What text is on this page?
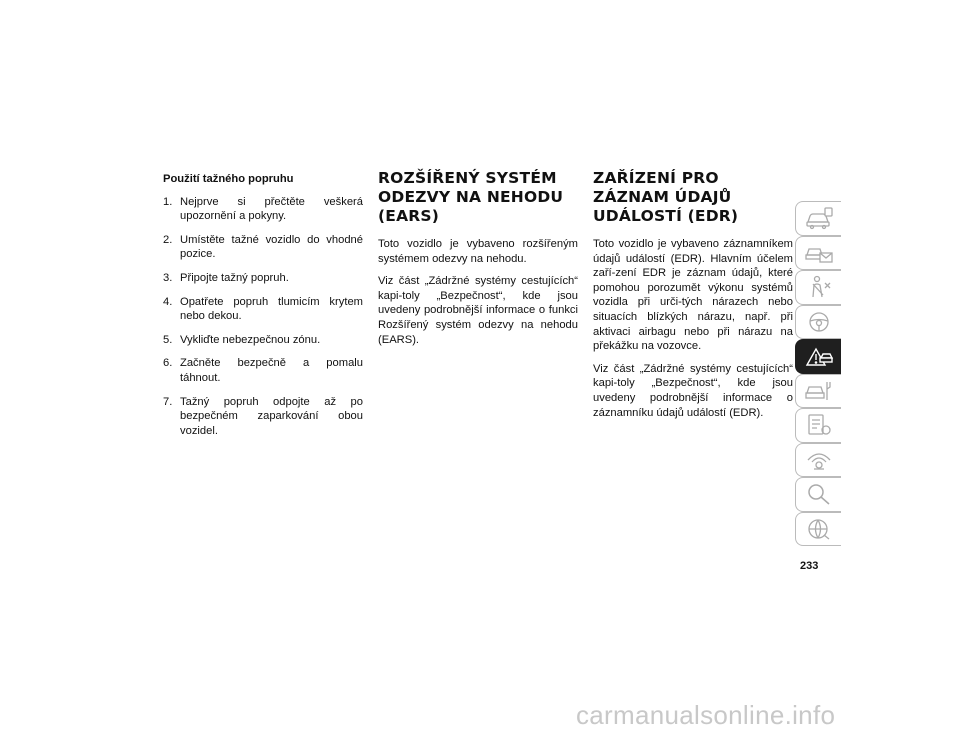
Použití tažného popruhu
1. Nejprve si přečtěte veškerá upozornění a pokyny.
2. Umístěte tažné vozidlo do vhodné pozice.
3. Připojte tažný popruh.
4. Opatřete popruh tlumicím krytem nebo dekou.
5. Vykliďte nebezpečnou zónu.
6. Začněte bezpečně a pomalu táhnout.
7. Tažný popruh odpojte až po bezpečném zaparkování obou vozidel.
ROZŠÍŘENÝ SYSTÉM ODEZVY NA NEHODU (EARS)

Toto vozidlo je vybaveno rozšířeným systémem odezvy na nehodu.

Viz část „Zádržné systémy cestujících“ kapi-toly „Bezpečnost“, kde jsou uvedeny podrobnější informace o funkci Rozšířený systém odezvy na nehodu (EARS).

ZAŘÍZENÍ PRO ZÁZNAM ÚDAJŮ UDÁLOSTÍ (EDR)

Toto vozidlo je vybaveno záznamníkem údajů událostí (EDR). Hlavním účelem zaří-zení EDR je záznam údajů, které pomohou porozumět výkonu systémů vozidla při urči-tých nárazech nebo situacích blízkých nárazu, např. při aktivaci airbagu nebo při nárazu na překážku na vozovce.

Viz část „Zádržné systémy cestujících“ kapi-toly „Bezpečnost“, kde jsou uvedeny podrobnější informace o záznamníku údajů událostí (EDR).

233
carmanualsonline.info
